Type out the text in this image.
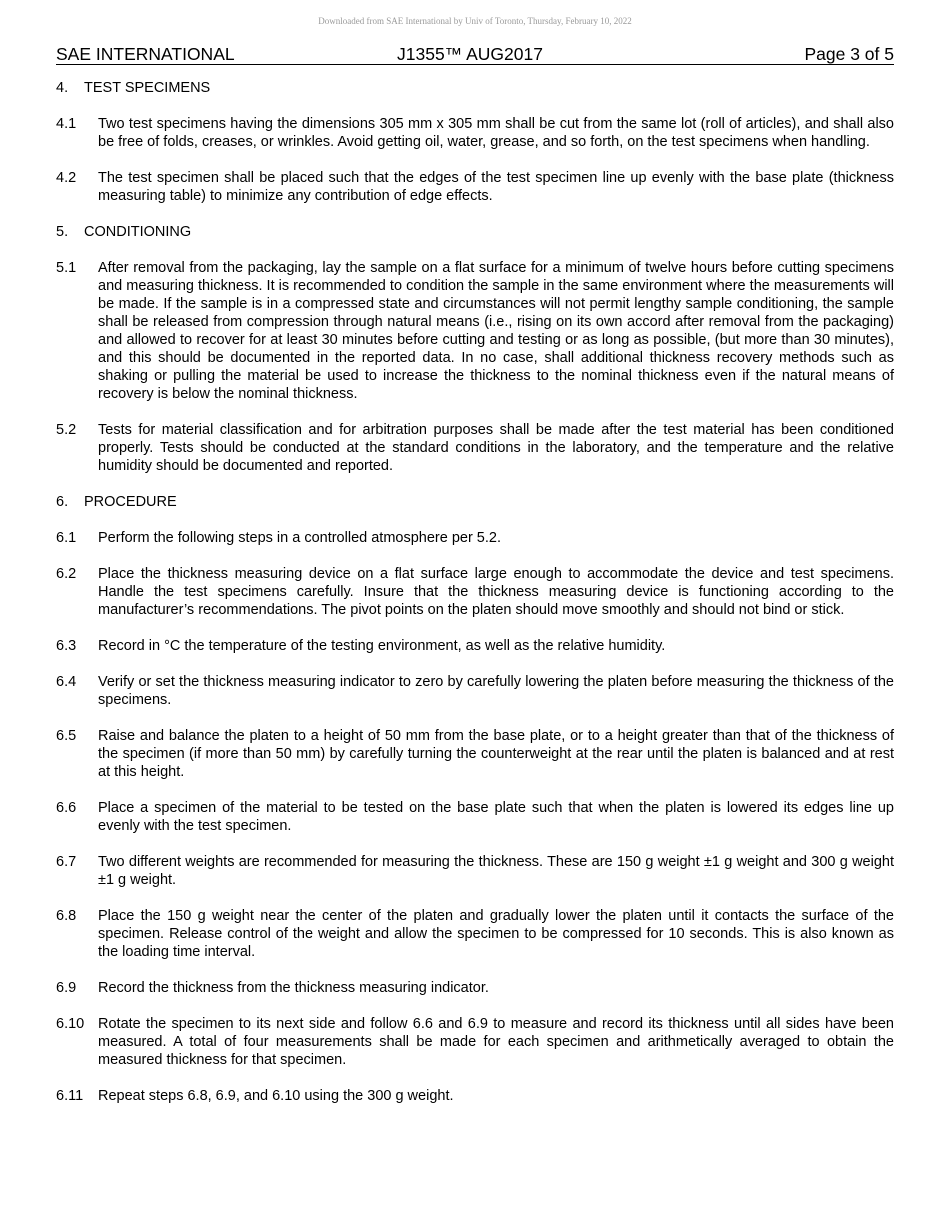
Downloaded from SAE International by Univ of Toronto, Thursday, February 10, 2022
SAE INTERNATIONAL	J1355™ AUG2017	Page 3 of 5
4. TEST SPECIMENS
4.1	Two test specimens having the dimensions 305 mm x 305 mm shall be cut from the same lot (roll of articles), and shall also be free of folds, creases, or wrinkles. Avoid getting oil, water, grease, and so forth, on the test specimens when handling.
4.2	The test specimen shall be placed such that the edges of the test specimen line up evenly with the base plate (thickness measuring table) to minimize any contribution of edge effects.
5. CONDITIONING
5.1	After removal from the packaging, lay the sample on a flat surface for a minimum of twelve hours before cutting specimens and measuring thickness. It is recommended to condition the sample in the same environment where the measurements will be made. If the sample is in a compressed state and circumstances will not permit lengthy sample conditioning, the sample shall be released from compression through natural means (i.e., rising on its own accord after removal from the packaging) and allowed to recover for at least 30 minutes before cutting and testing or as long as possible, (but more than 30 minutes), and this should be documented in the reported data. In no case, shall additional thickness recovery methods such as shaking or pulling the material be used to increase the thickness to the nominal thickness even if the natural means of recovery is below the nominal thickness.
5.2	Tests for material classification and for arbitration purposes shall be made after the test material has been conditioned properly. Tests should be conducted at the standard conditions in the laboratory, and the temperature and the relative humidity should be documented and reported.
6. PROCEDURE
6.1	Perform the following steps in a controlled atmosphere per 5.2.
6.2	Place the thickness measuring device on a flat surface large enough to accommodate the device and test specimens. Handle the test specimens carefully. Insure that the thickness measuring device is functioning according to the manufacturer’s recommendations. The pivot points on the platen should move smoothly and should not bind or stick.
6.3	Record in °C the temperature of the testing environment, as well as the relative humidity.
6.4	Verify or set the thickness measuring indicator to zero by carefully lowering the platen before measuring the thickness of the specimens.
6.5	Raise and balance the platen to a height of 50 mm from the base plate, or to a height greater than that of the thickness of the specimen (if more than 50 mm) by carefully turning the counterweight at the rear until the platen is balanced and at rest at this height.
6.6	Place a specimen of the material to be tested on the base plate such that when the platen is lowered its edges line up evenly with the test specimen.
6.7	Two different weights are recommended for measuring the thickness. These are 150 g weight ±1 g weight and 300 g weight ±1 g weight.
6.8	Place the 150 g weight near the center of the platen and gradually lower the platen until it contacts the surface of the specimen. Release control of the weight and allow the specimen to be compressed for 10 seconds. This is also known as the loading time interval.
6.9	Record the thickness from the thickness measuring indicator.
6.10 Rotate the specimen to its next side and follow 6.6 and 6.9 to measure and record its thickness until all sides have been measured. A total of four measurements shall be made for each specimen and arithmetically averaged to obtain the measured thickness for that specimen.
6.11	Repeat steps 6.8, 6.9, and 6.10 using the 300 g weight.
